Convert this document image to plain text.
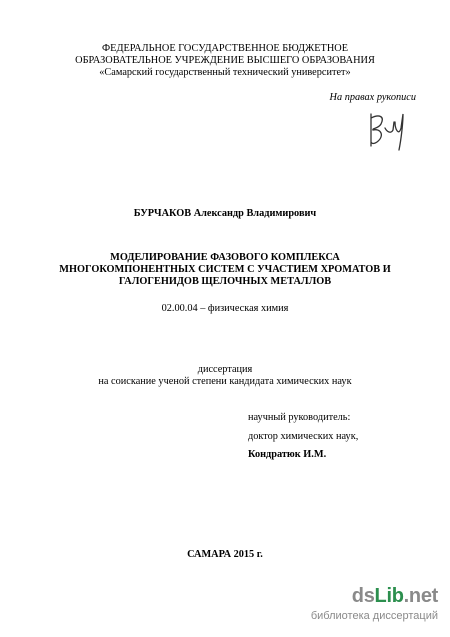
ФЕДЕРАЛЬНОЕ ГОСУДАРСТВЕННОЕ БЮДЖЕТНОЕ
ОБРАЗОВАТЕЛЬНОЕ УЧРЕЖДЕНИЕ ВЫСШЕГО ОБРАЗОВАНИЯ
«Самарский государственный технический университет»
На правах рукописи
БУРЧАКОВ Александр Владимирович
МОДЕЛИРОВАНИЕ ФАЗОВОГО КОМПЛЕКСА
МНОГОКОМПОНЕНТНЫХ СИСТЕМ С УЧАСТИЕМ ХРОМАТОВ И
ГАЛОГЕНИДОВ ЩЕЛОЧНЫХ МЕТАЛЛОВ
02.00.04 – физическая химия
диссертация
на соискание ученой степени кандидата химических наук
научный руководитель:
доктор химических наук,
Кондратюк И.М.
САМАРА 2015 г.
dsLib.net
библиотека диссертаций
